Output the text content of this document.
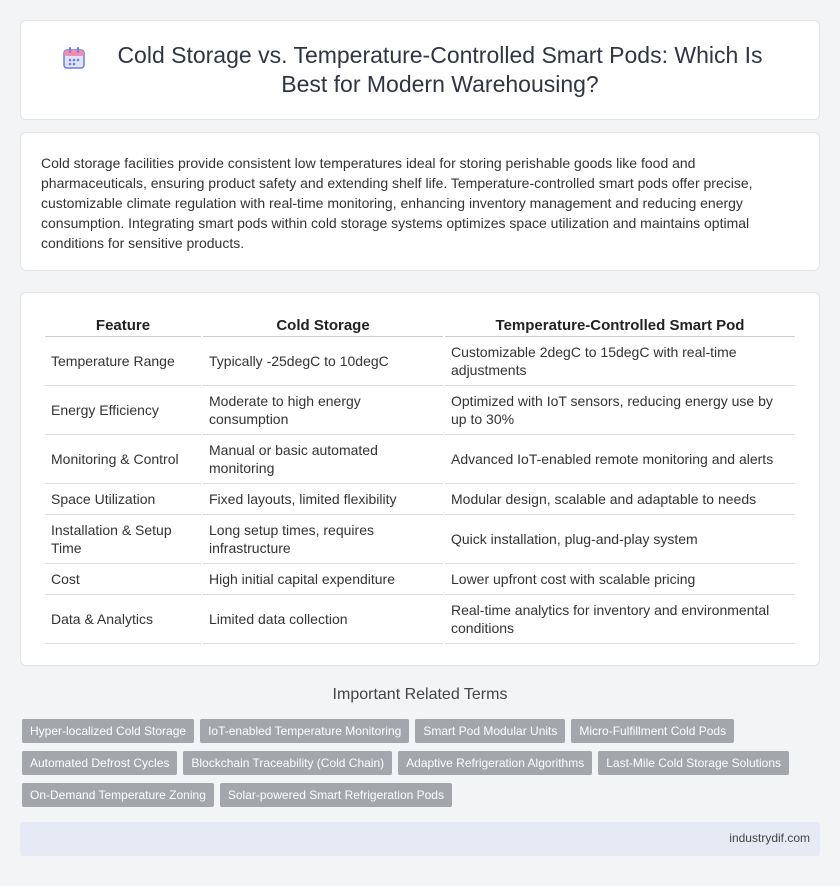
Cold Storage vs. Temperature-Controlled Smart Pods: Which Is Best for Modern Warehousing?

Cold storage facilities provide consistent low temperatures ideal for storing perishable goods like food and pharmaceuticals, ensuring product safety and extending shelf life. Temperature-controlled smart pods offer precise, customizable climate regulation with real-time monitoring, enhancing inventory management and reducing energy consumption. Integrating smart pods within cold storage systems optimizes space utilization and maintains optimal conditions for sensitive products.

Feature	Cold Storage	Temperature-Controlled Smart Pod
Temperature Range	Typically -25degC to 10degC	Customizable 2degC to 15degC with real-time adjustments
Energy Efficiency	Moderate to high energy consumption	Optimized with IoT sensors, reducing energy use by up to 30%
Monitoring & Control	Manual or basic automated monitoring	Advanced IoT-enabled remote monitoring and alerts
Space Utilization	Fixed layouts, limited flexibility	Modular design, scalable and adaptable to needs
Installation & Setup Time	Long setup times, requires infrastructure	Quick installation, plug-and-play system
Cost	High initial capital expenditure	Lower upfront cost with scalable pricing
Data & Analytics	Limited data collection	Real-time analytics for inventory and environmental conditions
Important Related Terms
Hyper-localized Cold Storage	IoT-enabled Temperature Monitoring	Smart Pod Modular Units	Micro-Fulfillment Cold Pods
Automated Defrost Cycles	Blockchain Traceability (Cold Chain)	Adaptive Refrigeration Algorithms	Last-Mile Cold Storage Solutions
On-Demand Temperature Zoning	Solar-powered Smart Refrigeration Pods
industrydif.com
